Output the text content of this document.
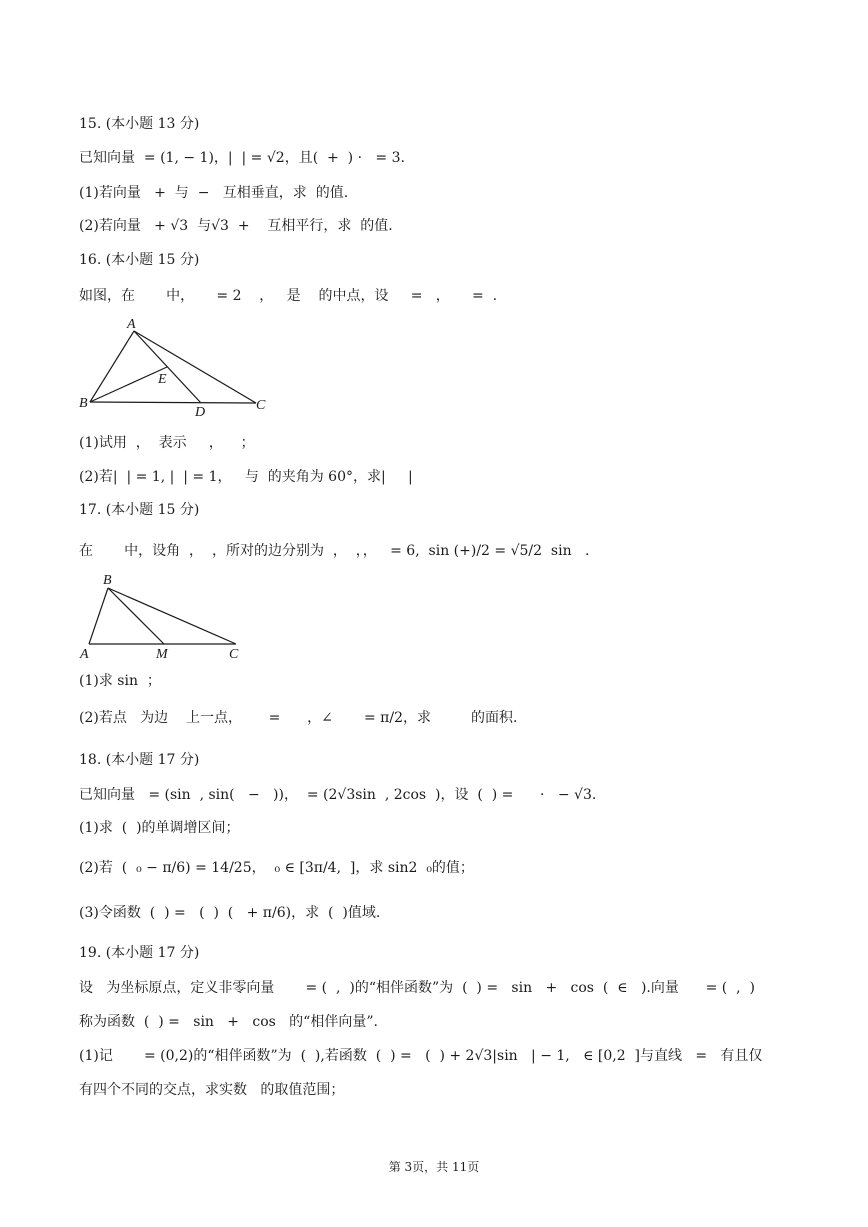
15. (本小题 13 分)
已知向量  = (1, − 1)，|  | = √2，且(  +  ) ·   = 3.
(1)若向量   +  与  −   互相垂直，求  的值.
(2)若向量   + √3  与√3  +    互相平行，求  的值.
16. (本小题 15 分)
如图，在       中，     = 2    ，   是    的中点，设     =   ，     =  .
A
B	C
D
E
(1)试用  ，  表示     ，    ；
(2)若|  | = 1, |  | = 1，   与  的夹角为 60°，求|     |
17. (本小题 15 分)
在       中，设角  ，  ，所对的边分别为  ，  ，，   = 6,  sin (+)/2 = √5/2  sin   .
B
A	C
M
(1)求 sin  ；
(2)若点   为边    上一点，      =      ，∠       = π/2，求         的面积.
18. (本小题 17 分)
已知向量   = (sin  , sin(   −   ))，  = (2√3sin  , 2cos  )，设  (  ) =      ·   − √3.
(1)求  (  )的单调增区间；
(2)若  (  ₀ − π/6) = 14/25，  ₀ ∈ [3π/4,  ]，求 sin2  ₀的值；
(3)令函数  (  ) =   (  )  (   + π/6)，求  (  )值域.
19. (本小题 17 分)
设   为坐标原点，定义非零向量       = (  ,  )的“相伴函数”为  (  ) =   sin   +   cos  (  ∈   ).向量      = (  ,  )
称为函数  (  ) =   sin   +   cos   的“相伴向量”.
(1)记       = (0,2)的“相伴函数”为  (  ),若函数  (  ) =   (  ) + 2√3|sin   | − 1,   ∈ [0,2  ]与直线   =   有且仅
有四个不同的交点，求实数   的取值范围；
第 3页，共 11页
